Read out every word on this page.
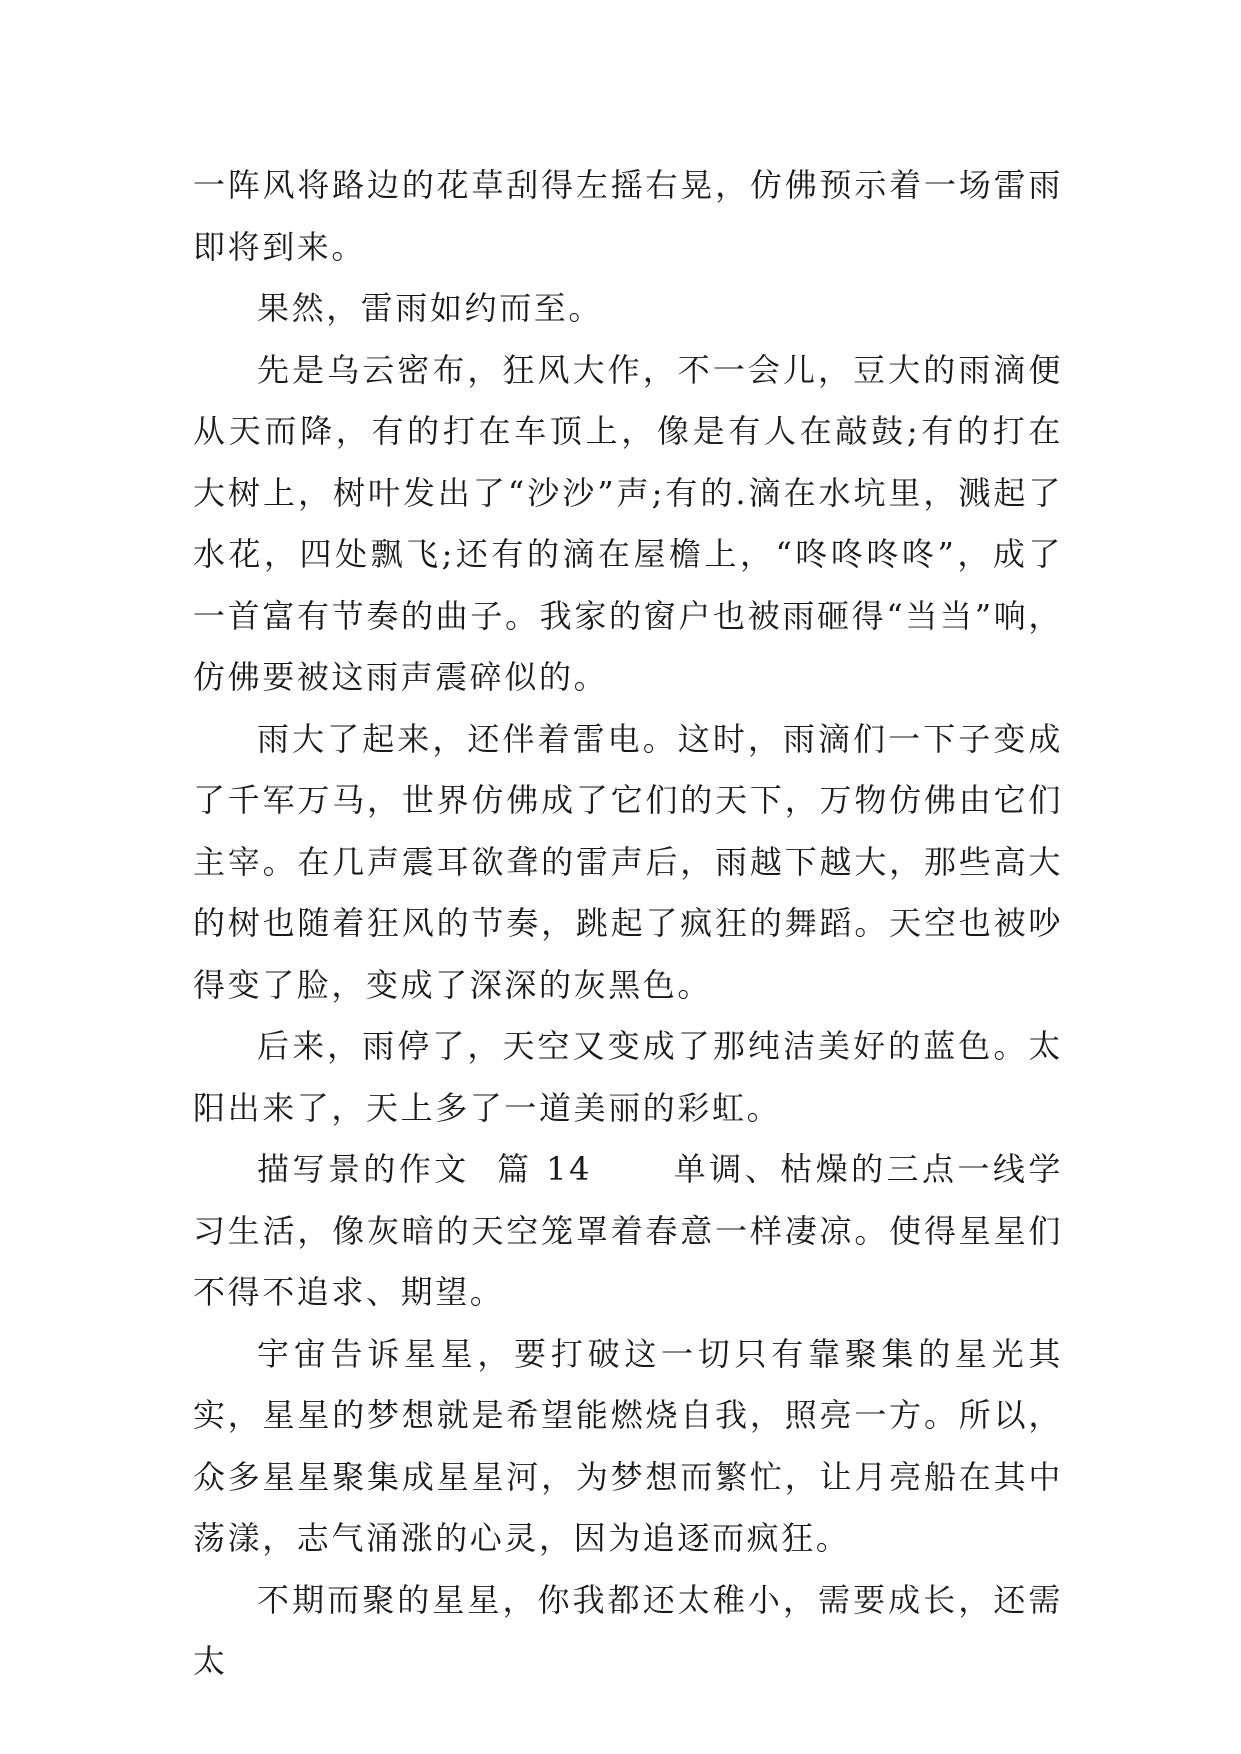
一阵风将路边的花草刮得左摇右晃，仿佛预示着一场雷雨即将到来。

果然，雷雨如约而至。

先是乌云密布，狂风大作，不一会儿，豆大的雨滴便从天而降，有的打在车顶上，像是有人在敲鼓;有的打在大树上，树叶发出了“沙沙”声;有的.滴在水坑里，溅起了水花，四处飘飞;还有的滴在屋檐上，“咚咚咚咚”，成了一首富有节奏的曲子。我家的窗户也被雨砸得“当当”响，仿佛要被这雨声震碎似的。

雨大了起来，还伴着雷电。这时，雨滴们一下子变成了千军万马，世界仿佛成了它们的天下，万物仿佛由它们主宰。在几声震耳欲聋的雷声后，雨越下越大，那些高大的树也随着狂风的节奏，跳起了疯狂的舞蹈。天空也被吵得变了脸，变成了深深的灰黑色。

后来，雨停了，天空又变成了那纯洁美好的蓝色。太阳出来了，天上多了一道美丽的彩虹。

描写景的作文  篇 14      单调、枯燥的三点一线学习生活，像灰暗的天空笼罩着春意一样凄凉。使得星星们不得不追求、期望。

宇宙告诉星星，要打破这一切只有靠聚集的星光其实，星星的梦想就是希望能燃烧自我，照亮一方。所以，众多星星聚集成星星河，为梦想而繁忙，让月亮船在其中荡漾，志气涌涨的心灵，因为追逐而疯狂。

不期而聚的星星，你我都还太稚小，需要成长，还需太
